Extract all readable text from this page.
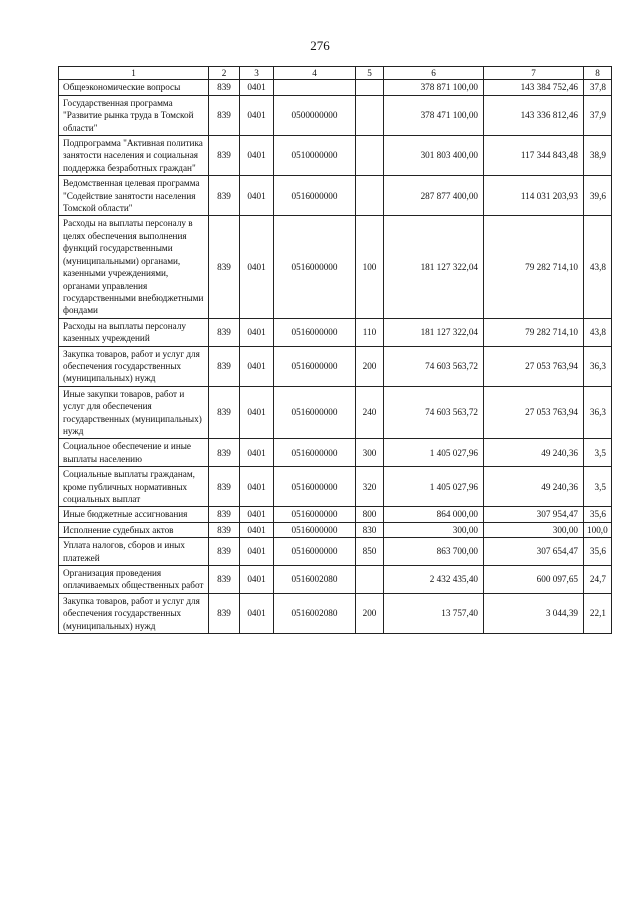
276
1	2	3	4	5	6	7	8
Общеэкономические вопросы	839	0401			378 871 100,00	143 384 752,46	37,8
Государственная программа "Развитие рынка труда в Томской области"	839	0401	0500000000		378 471 100,00	143 336 812,46	37,9
Подпрограмма "Активная политика занятости населения и социальная поддержка безработных граждан"	839	0401	0510000000		301 803 400,00	117 344 843,48	38,9
Ведомственная целевая программа "Содействие занятости населения Томской области"	839	0401	0516000000		287 877 400,00	114 031 203,93	39,6
Расходы на выплаты персоналу в целях обеспечения выполнения функций государственными (муниципальными) органами, казенными учреждениями, органами управления государственными внебюджетными фондами	839	0401	0516000000	100	181 127 322,04	79 282 714,10	43,8
Расходы на выплаты персоналу казенных учреждений	839	0401	0516000000	110	181 127 322,04	79 282 714,10	43,8
Закупка товаров, работ и услуг для обеспечения государственных (муниципальных) нужд	839	0401	0516000000	200	74 603 563,72	27 053 763,94	36,3
Иные закупки товаров, работ и услуг для обеспечения государственных (муниципальных) нужд	839	0401	0516000000	240	74 603 563,72	27 053 763,94	36,3
Социальное обеспечение и иные выплаты населению	839	0401	0516000000	300	1 405 027,96	49 240,36	3,5
Социальные выплаты гражданам, кроме публичных нормативных социальных выплат	839	0401	0516000000	320	1 405 027,96	49 240,36	3,5
Иные бюджетные ассигнования	839	0401	0516000000	800	864 000,00	307 954,47	35,6
Исполнение судебных актов	839	0401	0516000000	830	300,00	300,00	100,0
Уплата налогов, сборов и иных платежей	839	0401	0516000000	850	863 700,00	307 654,47	35,6
Организация проведения оплачиваемых общественных работ	839	0401	0516002080		2 432 435,40	600 097,65	24,7
Закупка товаров, работ и услуг для обеспечения государственных (муниципальных) нужд	839	0401	0516002080	200	13 757,40	3 044,39	22,1
